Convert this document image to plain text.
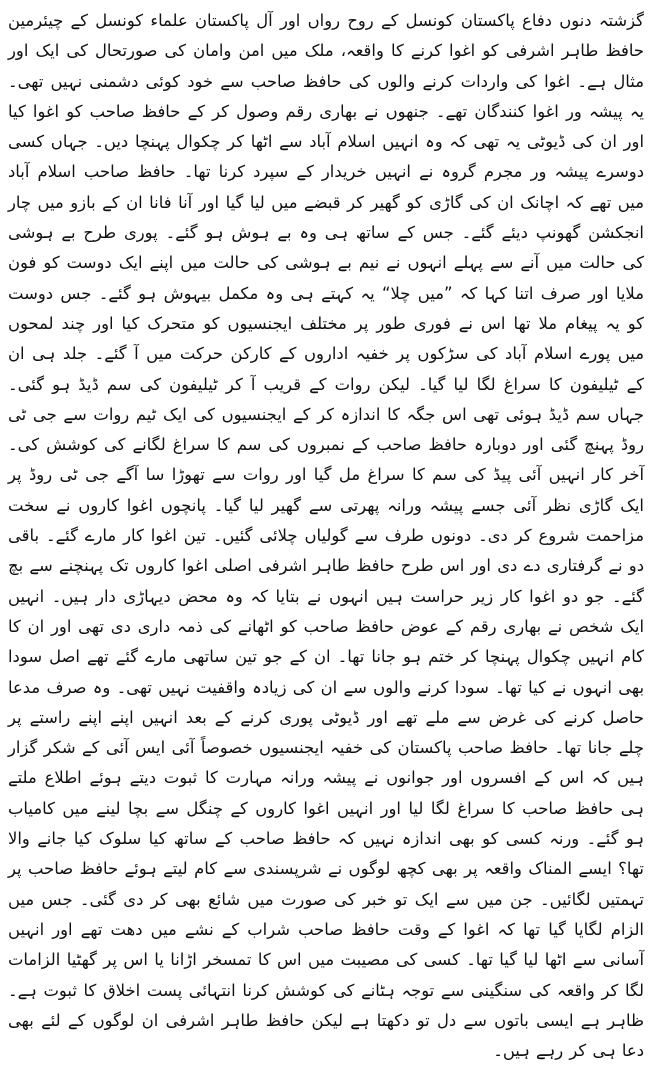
گزشتہ دنوں دفاع پاکستان کونسل کے روح رواں اور آل پاکستان علماء کونسل کے چیئرمین حافظ طاہر اشرفی کو اغوا کرنے کا واقعہ، ملک میں امن وامان کی صورتحال کی ایک اور مثال ہے۔ اغوا کی واردات کرنے والوں کی حافظ صاحب سے خود کوئی دشمنی نہیں تھی۔ یہ پیشہ ور اغوا کنندگان تھے۔ جنھوں نے بھاری رقم وصول کر کے حافظ صاحب کو اغوا کیا اور ان کی ڈیوٹی یہ تھی کہ وہ انہیں اسلام آباد سے اٹھا کر چکوال پہنچا دیں۔ جہاں کسی دوسرے پیشہ ور مجرم گروہ نے انہیں خریدار کے سپرد کرنا تھا۔ حافظ صاحب اسلام آباد میں تھے کہ اچانک ان کی گاڑی کو گھیر کر قبضے میں لیا گیا اور آنا فانا ان کے بازو میں چار انجکشن گھونپ دیئے گئے۔ جس کے ساتھ ہی وہ بے ہوش ہو گئے۔ پوری طرح بے ہوشی کی حالت میں آنے سے پہلے انہوں نے نیم بے ہوشی کی حالت میں اپنے ایک دوست کو فون ملایا اور صرف اتنا کہا کہ ”میں چلا“ یہ کہتے ہی وہ مکمل بیہوش ہو گئے۔ جس دوست کو یہ پیغام ملا تھا اس نے فوری طور پر مختلف ایجنسیوں کو متحرک کیا اور چند لمحوں میں پورے اسلام آباد کی سڑکوں پر خفیہ اداروں کے کارکن حرکت میں آ گئے۔ جلد ہی ان کے ٹیلیفون کا سراغ لگا لیا گیا۔ لیکن روات کے قریب آ کر ٹیلیفون کی سم ڈیڈ ہو گئی۔ جہاں سم ڈیڈ ہوئی تھی اس جگہ کا اندازہ کر کے ایجنسیوں کی ایک ٹیم روات سے جی ٹی روڈ پہنچ گئی اور دوبارہ حافظ صاحب کے نمبروں کی سم کا سراغ لگانے کی کوشش کی۔ آخر کار انہیں آئی پیڈ کی سم کا سراغ مل گیا اور روات سے تھوڑا سا آگے جی ٹی روڈ پر ایک گاڑی نظر آئی جسے پیشہ ورانہ پھرتی سے گھیر لیا گیا۔ پانچوں اغوا کاروں نے سخت مزاحمت شروع کر دی۔ دونوں طرف سے گولیاں چلائی گئیں۔ تین اغوا کار مارے گئے۔ باقی دو نے گرفتاری دے دی اور اس طرح حافظ طاہر اشرفی اصلی اغوا کاروں تک پہنچنے سے بچ گئے۔ جو دو اغوا کار زیر حراست ہیں انہوں نے بتایا کہ وہ محض دیہاڑی دار ہیں۔ انہیں ایک شخص نے بھاری رقم کے عوض حافظ صاحب کو اٹھانے کی ذمہ داری دی تھی اور ان کا کام انہیں چکوال پہنچا کر ختم ہو جانا تھا۔ ان کے جو تین ساتھی مارے گئے تھے اصل سودا بھی انہوں نے کیا تھا۔ سودا کرنے والوں سے ان کی زیادہ واقفیت نہیں تھی۔ وہ صرف مدعا حاصل کرنے کی غرض سے ملے تھے اور ڈیوٹی پوری کرنے کے بعد انہیں اپنے اپنے راستے پر چلے جانا تھا۔ حافظ صاحب پاکستان کی خفیہ ایجنسیوں خصوصاً آئی ایس آئی کے شکر گزار ہیں کہ اس کے افسروں اور جوانوں نے پیشہ ورانہ مہارت کا ثبوت دیتے ہوئے اطلاع ملتے ہی حافظ صاحب کا سراغ لگا لیا اور انہیں اغوا کاروں کے چنگل سے بچا لینے میں کامیاب ہو گئے۔ ورنہ کسی کو بھی اندازہ نہیں کہ حافظ صاحب کے ساتھ کیا سلوک کیا جانے والا تھا؟ ایسے المناک واقعہ پر بھی کچھ لوگوں نے شرپسندی سے کام لیتے ہوئے حافظ صاحب پر تہمتیں لگائیں۔ جن میں سے ایک تو خبر کی صورت میں شائع بھی کر دی گئی۔ جس میں الزام لگایا گیا تھا کہ اغوا کے وقت حافظ صاحب شراب کے نشے میں دھت تھے اور انہیں آسانی سے اٹھا لیا گیا تھا۔ کسی کی مصیبت میں اس کا تمسخر اڑانا یا اس پر گھٹیا الزامات لگا کر واقعہ کی سنگینی سے توجہ ہٹانے کی کوشش کرنا انتہائی پست اخلاق کا ثبوت ہے۔ ظاہر ہے ایسی باتوں سے دل تو دکھتا ہے لیکن حافظ طاہر اشرفی ان لوگوں کے لئے بھی دعا ہی کر رہے ہیں۔
